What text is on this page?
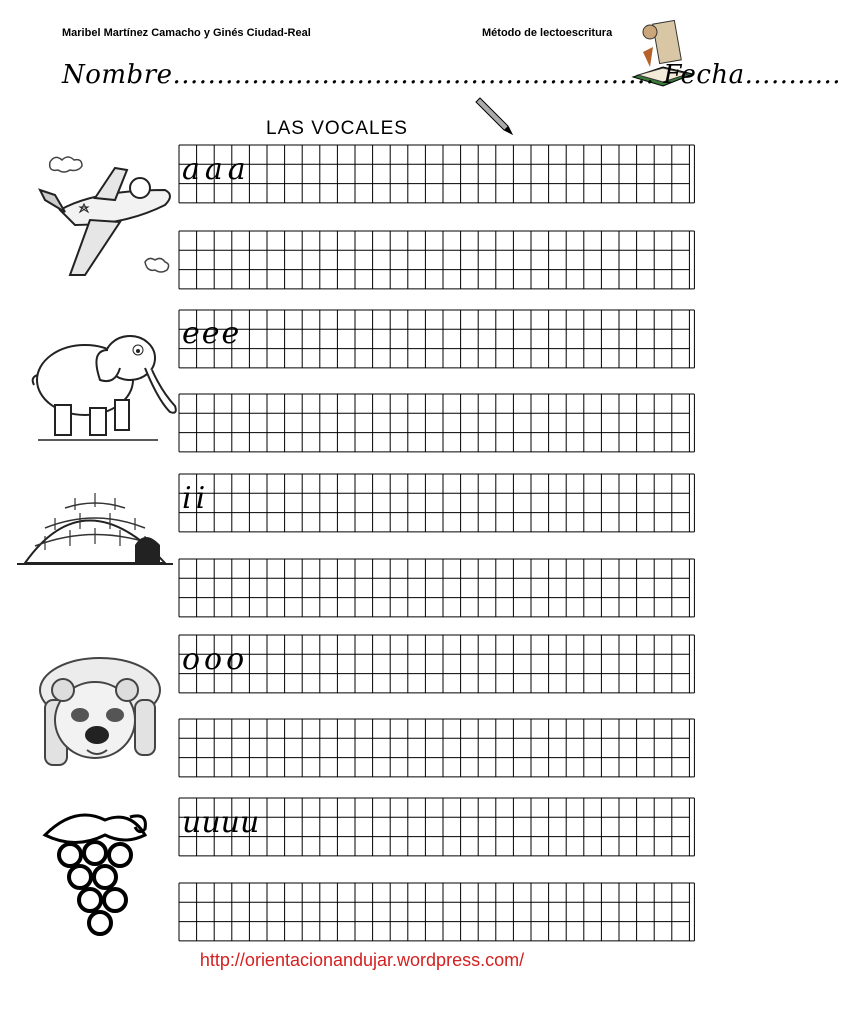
Maribel Martínez Camacho y Ginés Ciudad-Real	Método de lectoescritura
Nombre....................................................... Fecha...........
LAS VOCALES
aaa
eee
ii
ooo
uuuu
http://orientacionandujar.wordpress.com/
